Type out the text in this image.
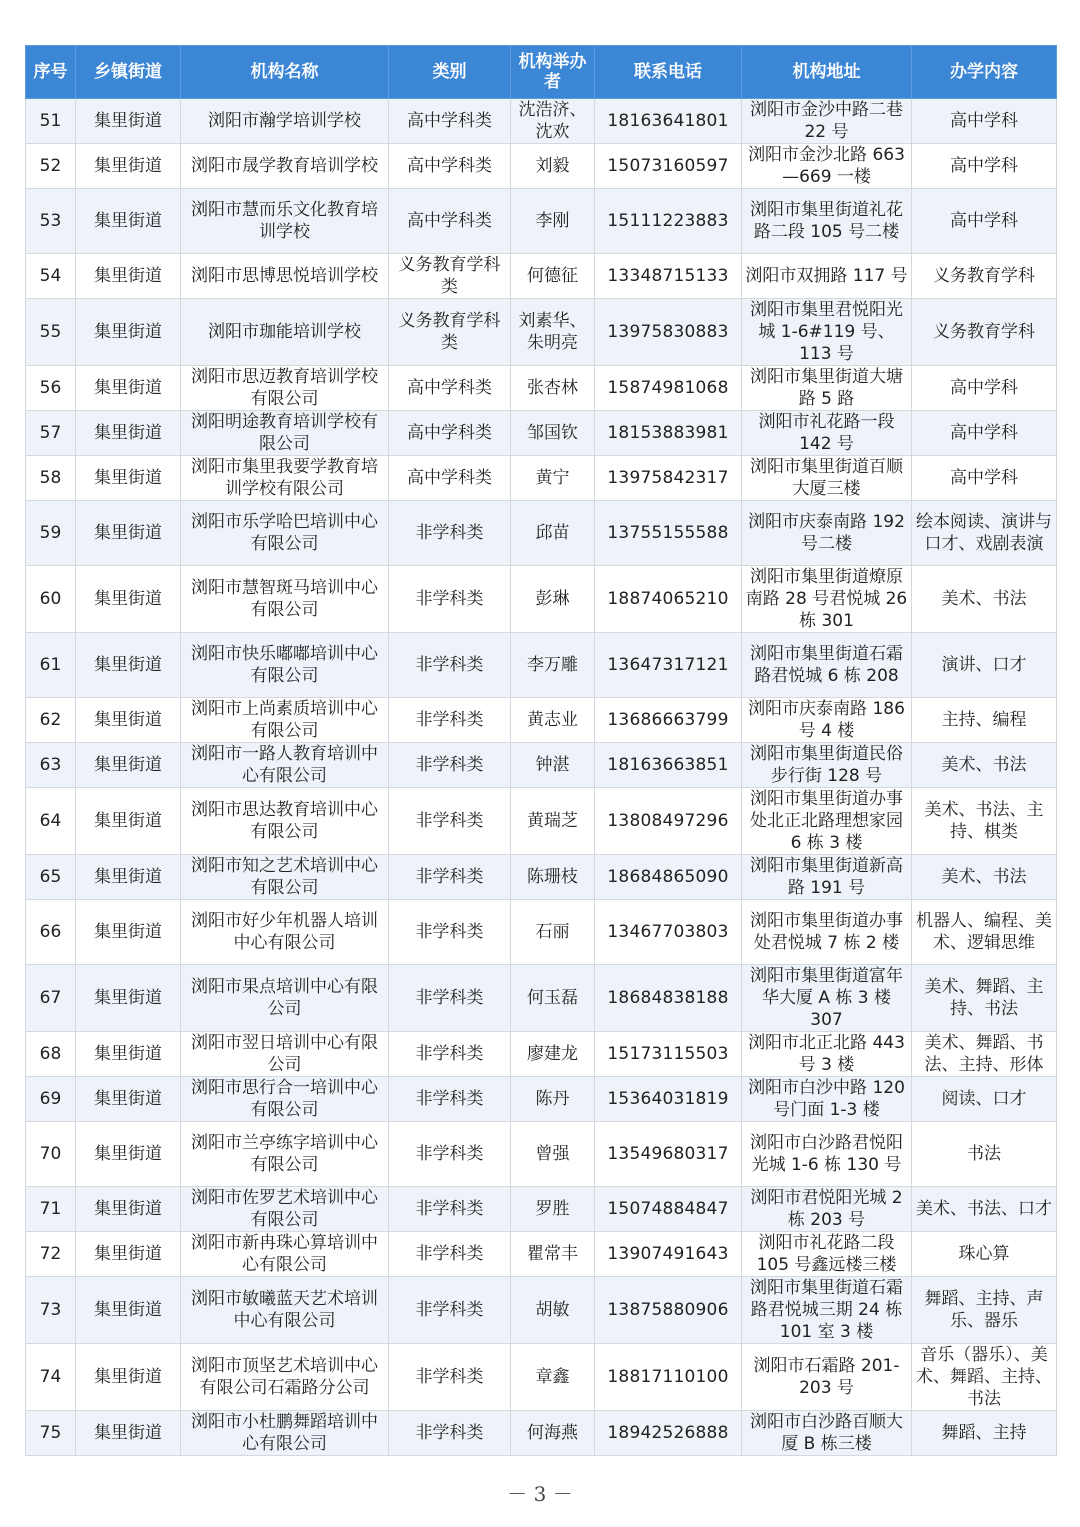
序号	乡镇街道	机构名称	类别	机构举办者	联系电话	机构地址	办学内容
51	集里街道	浏阳市瀚学培训学校	高中学科类	沈浩济、沈欢	18163641801	浏阳市金沙中路二巷 22 号	高中学科
52	集里街道	浏阳市晟学教育培训学校	高中学科类	刘毅	15073160597	浏阳市金沙北路 663—669 一楼	高中学科
53	集里街道	浏阳市慧而乐文化教育培训学校	高中学科类	李刚	15111223883	浏阳市集里街道礼花路二段 105 号二楼	高中学科
54	集里街道	浏阳市思博思悦培训学校	义务教育学科类	何德征	13348715133	浏阳市双拥路 117 号	义务教育学科
55	集里街道	浏阳市珈能培训学校	义务教育学科类	刘素华、朱明亮	13975830883	浏阳市集里君悦阳光城 1-6#119 号、113 号	义务教育学科
56	集里街道	浏阳市思迈教育培训学校有限公司	高中学科类	张杏林	15874981068	浏阳市集里街道大塘路 5 路	高中学科
57	集里街道	浏阳明途教育培训学校有限公司	高中学科类	邹国钦	18153883981	浏阳市礼花路一段 142 号	高中学科
58	集里街道	浏阳市集里我要学教育培训学校有限公司	高中学科类	黄宁	13975842317	浏阳市集里街道百顺大厦三楼	高中学科
59	集里街道	浏阳市乐学哈巴培训中心有限公司	非学科类	邱苗	13755155588	浏阳市庆泰南路 192 号二楼	绘本阅读、演讲与口才、戏剧表演
60	集里街道	浏阳市慧智斑马培训中心有限公司	非学科类	彭琳	18874065210	浏阳市集里街道燎原南路 28 号君悦城 26 栋 301	美术、书法
61	集里街道	浏阳市快乐嘟嘟培训中心有限公司	非学科类	李万雕	13647317121	浏阳市集里街道石霜路君悦城 6 栋 208	演讲、口才
62	集里街道	浏阳市上尚素质培训中心有限公司	非学科类	黄志业	13686663799	浏阳市庆泰南路 186 号 4 楼	主持、编程
63	集里街道	浏阳市一路人教育培训中心有限公司	非学科类	钟湛	18163663851	浏阳市集里街道民俗步行街 128 号	美术、书法
64	集里街道	浏阳市思达教育培训中心有限公司	非学科类	黄瑞芝	13808497296	浏阳市集里街道办事处北正北路理想家园 6 栋 3 楼	美术、书法、主持、棋类
65	集里街道	浏阳市知之艺术培训中心有限公司	非学科类	陈珊枝	18684865090	浏阳市集里街道新高路 191 号	美术、书法
66	集里街道	浏阳市好少年机器人培训中心有限公司	非学科类	石丽	13467703803	浏阳市集里街道办事处君悦城 7 栋 2 楼	机器人、编程、美术、逻辑思维
67	集里街道	浏阳市果点培训中心有限公司	非学科类	何玉磊	18684838188	浏阳市集里街道富年华大厦 A 栋 3 楼 307	美术、舞蹈、主持、书法
68	集里街道	浏阳市翌日培训中心有限公司	非学科类	廖建龙	15173115503	浏阳市北正北路 443 号 3 楼	美术、舞蹈、书法、主持、形体
69	集里街道	浏阳市思行合一培训中心有限公司	非学科类	陈丹	15364031819	浏阳市白沙中路 120 号门面 1-3 楼	阅读、口才
70	集里街道	浏阳市兰亭练字培训中心有限公司	非学科类	曾强	13549680317	浏阳市白沙路君悦阳光城 1-6 栋 130 号	书法
71	集里街道	浏阳市佐罗艺术培训中心有限公司	非学科类	罗胜	15074884847	浏阳市君悦阳光城 2 栋 203 号	美术、书法、口才
72	集里街道	浏阳市新冉珠心算培训中心有限公司	非学科类	瞿常丰	13907491643	浏阳市礼花路二段 105 号鑫远楼三楼	珠心算
73	集里街道	浏阳市敏曦蓝天艺术培训中心有限公司	非学科类	胡敏	13875880906	浏阳市集里街道石霜路君悦城三期 24 栋 101 室 3 楼	舞蹈、主持、声乐、器乐
74	集里街道	浏阳市顶坚艺术培训中心有限公司石霜路分公司	非学科类	章鑫	18817110100	浏阳市石霜路 201-203 号	音乐（器乐）、美术、舞蹈、主持、书法
75	集里街道	浏阳市小杜鹏舞蹈培训中心有限公司	非学科类	何海燕	18942526888	浏阳市白沙路百顺大厦 B 栋三楼	舞蹈、主持
－ 3 －
